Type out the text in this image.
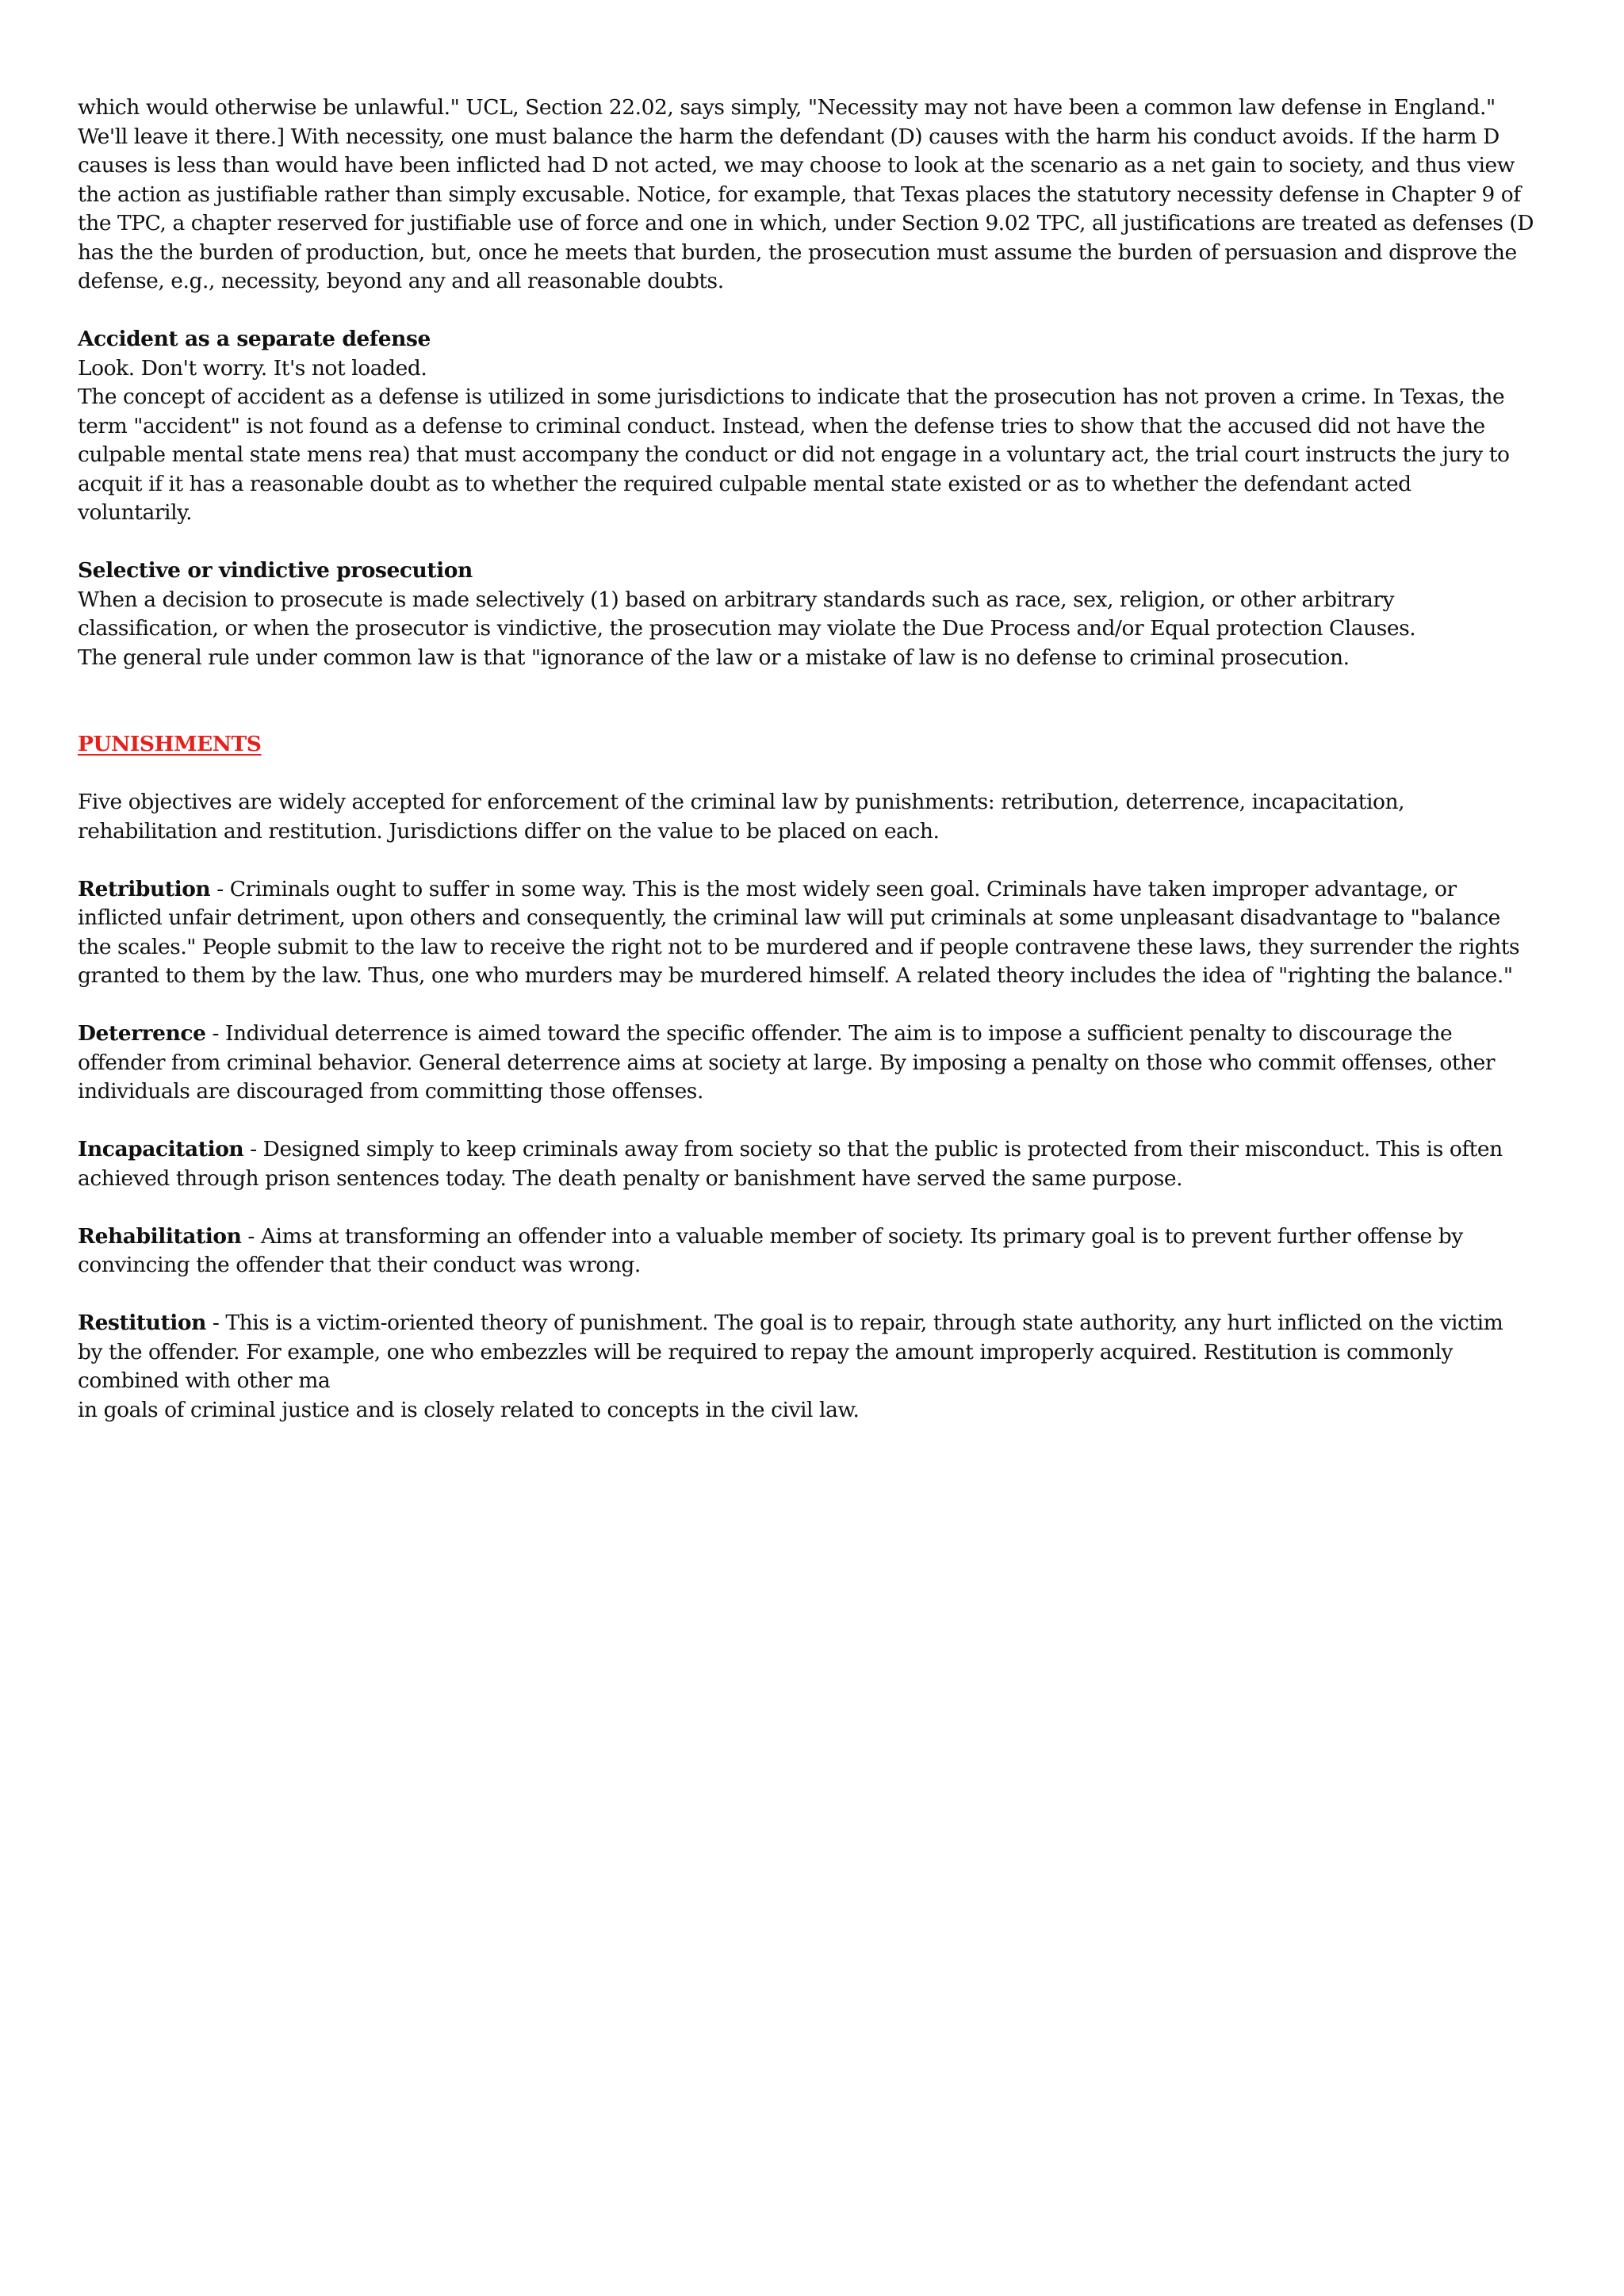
which would otherwise be unlawful." UCL, Section 22.02, says simply, "Necessity may not have been a common law defense in England."

We'll leave it there.] With necessity, one must balance the harm the defendant (D) causes with the harm his conduct avoids. If the harm D

causes is less than would have been inflicted had D not acted, we may choose to look at the scenario as a net gain to society, and thus view

the action as justifiable rather than simply excusable. Notice, for example, that Texas places the statutory necessity defense in Chapter 9 of

the TPC, a chapter reserved for justifiable use of force and one in which, under Section 9.02 TPC, all justifications are treated as defenses (D

has the the burden of production, but, once he meets that burden, the prosecution must assume the burden of persuasion and disprove the

defense, e.g., necessity, beyond any and all reasonable doubts.

Accident as a separate defense

Look. Don't worry. It's not loaded.

The concept of accident as a defense is utilized in some jurisdictions to indicate that the prosecution has not proven a crime. In Texas, the

term "accident" is not found as a defense to criminal conduct. Instead, when the defense tries to show that the accused did not have the

culpable mental state mens rea) that must accompany the conduct or did not engage in a voluntary act, the trial court instructs the jury to

acquit if it has a reasonable doubt as to whether the required culpable mental state existed or as to whether the defendant acted

voluntarily.

Selective or vindictive prosecution

When a decision to prosecute is made selectively (1) based on arbitrary standards such as race, sex, religion, or other arbitrary

classification, or when the prosecutor is vindictive, the prosecution may violate the Due Process and/or Equal protection Clauses.

The general rule under common law is that "ignorance of the law or a mistake of law is no defense to criminal prosecution.

PUNISHMENTS

Five objectives are widely accepted for enforcement of the criminal law by punishments: retribution, deterrence, incapacitation,

rehabilitation and restitution. Jurisdictions differ on the value to be placed on each.

Retribution - Criminals ought to suffer in some way. This is the most widely seen goal. Criminals have taken improper advantage, or

inflicted unfair detriment, upon others and consequently, the criminal law will put criminals at some unpleasant disadvantage to "balance

the scales." People submit to the law to receive the right not to be murdered and if people contravene these laws, they surrender the rights

granted to them by the law. Thus, one who murders may be murdered himself. A related theory includes the idea of "righting the balance."

Deterrence - Individual deterrence is aimed toward the specific offender. The aim is to impose a sufficient penalty to discourage the

offender from criminal behavior. General deterrence aims at society at large. By imposing a penalty on those who commit offenses, other

individuals are discouraged from committing those offenses.

Incapacitation - Designed simply to keep criminals away from society so that the public is protected from their misconduct. This is often

achieved through prison sentences today. The death penalty or banishment have served the same purpose.

Rehabilitation - Aims at transforming an offender into a valuable member of society. Its primary goal is to prevent further offense by

convincing the offender that their conduct was wrong.

Restitution - This is a victim-oriented theory of punishment. The goal is to repair, through state authority, any hurt inflicted on the victim

by the offender. For example, one who embezzles will be required to repay the amount improperly acquired. Restitution is commonly

combined with other ma

in goals of criminal justice and is closely related to concepts in the civil law.
